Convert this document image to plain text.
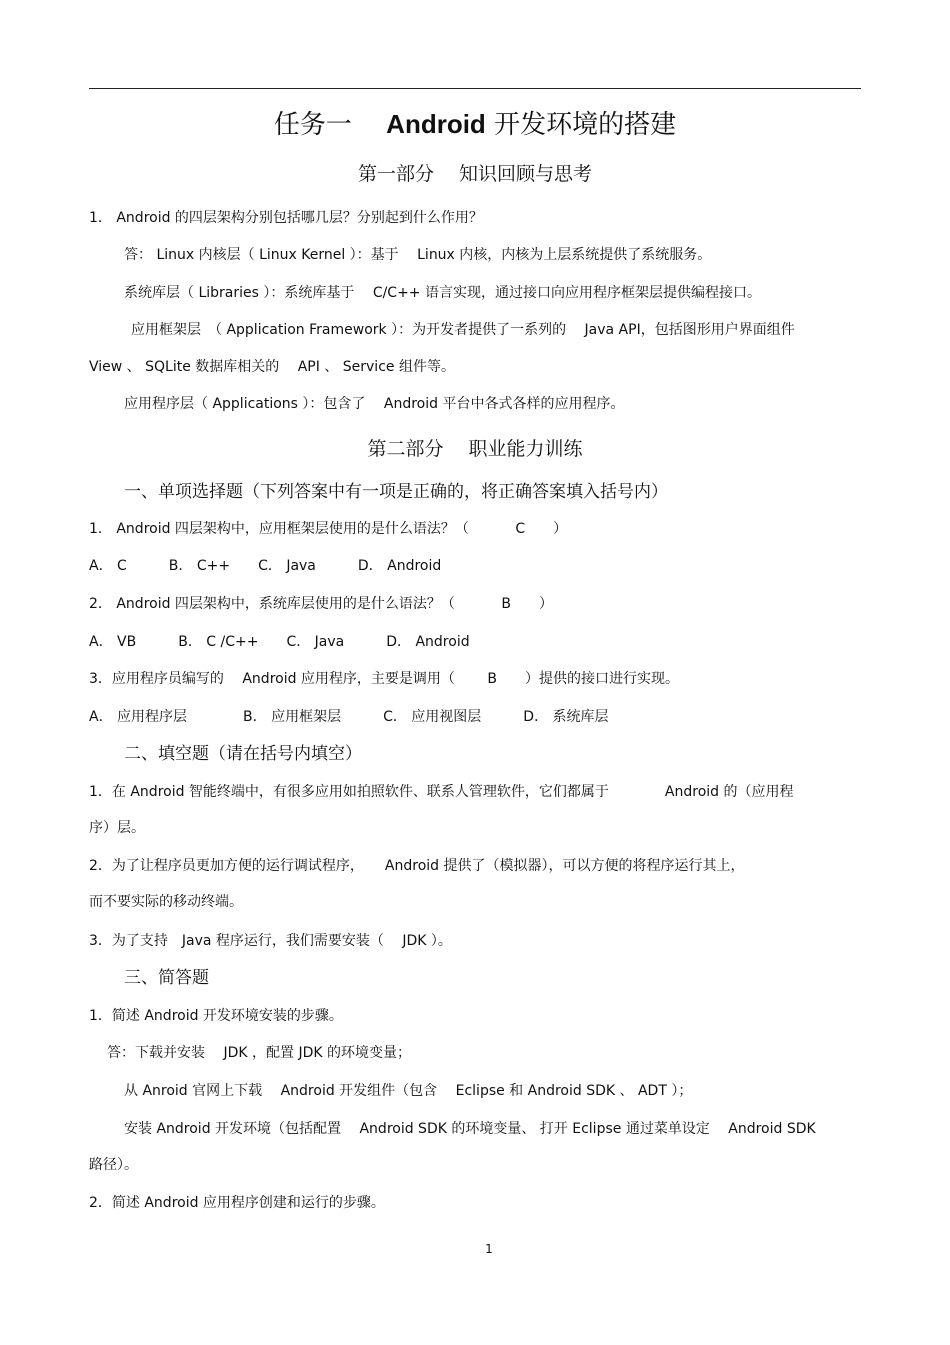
任务一　 Android 开发环境的搭建
第一部分　 知识回顾与思考
1． Android 的四层架构分别包括哪几层？分别起到什么作用？
答： Linux 内核层（ Linux Kernel ）：基于　 Linux 内核，内核为上层系统提供了系统服务。
系统库层（ Libraries ）：系统库基于　 C/C++ 语言实现，通过接口向应用程序框架层提供编程接口。
应用框架层　（ Application Framework ）：为开发者提供了一系列的　 Java API，包括图形用户界面组件
View 、 SQLite 数据库相关的　 API 、 Service 组件等。
应用程序层（ Applications ）：包含了　 Android 平台中各式各样的应用程序。
第二部分　 职业能力训练
一、单项选择题（下列答案中有一项是正确的，将正确答案填入括号内）
1． Android 四层架构中，应用框架层使用的是什么语法？（　　　 C　　）
A． C　　　B． C++　　C． Java　　　D． Android
2． Android 四层架构中，系统库层使用的是什么语法？（　　　 B　　）
A． VB　　　B． C /C++　　C． Java　　　D． Android
3．应用程序员编写的　 Android 应用程序，主要是调用（　　 B　　）提供的接口进行实现。
A． 应用程序层　　　　B． 应用框架层　　　C． 应用视图层　　　D． 系统库层
二、填空题（请在括号内填空）
1．在 Android 智能终端中，有很多应用如拍照软件、联系人管理软件，它们都属于　　　　Android 的（应用程
序）层。
2．为了让程序员更加方便的运行调试程序，　　Android 提供了（模拟器），可以方便的将程序运行其上，
而不要实际的移动终端。
3．为了支持　Java 程序运行，我们需要安装（　 JDK ）。
三、简答题
1．简述 Android 开发环境安装的步骤。
答：下载并安装　 JDK ，配置 JDK 的环境变量；
从 Anroid 官网上下载　 Android 开发组件（包含　 Eclipse 和 Android SDK 、 ADT ）；
安装 Android 开发环境（包括配置　 Android SDK 的环境变量、 打开 Eclipse 通过菜单设定　 Android SDK
路径）。
2．简述 Android 应用程序创建和运行的步骤。
1
